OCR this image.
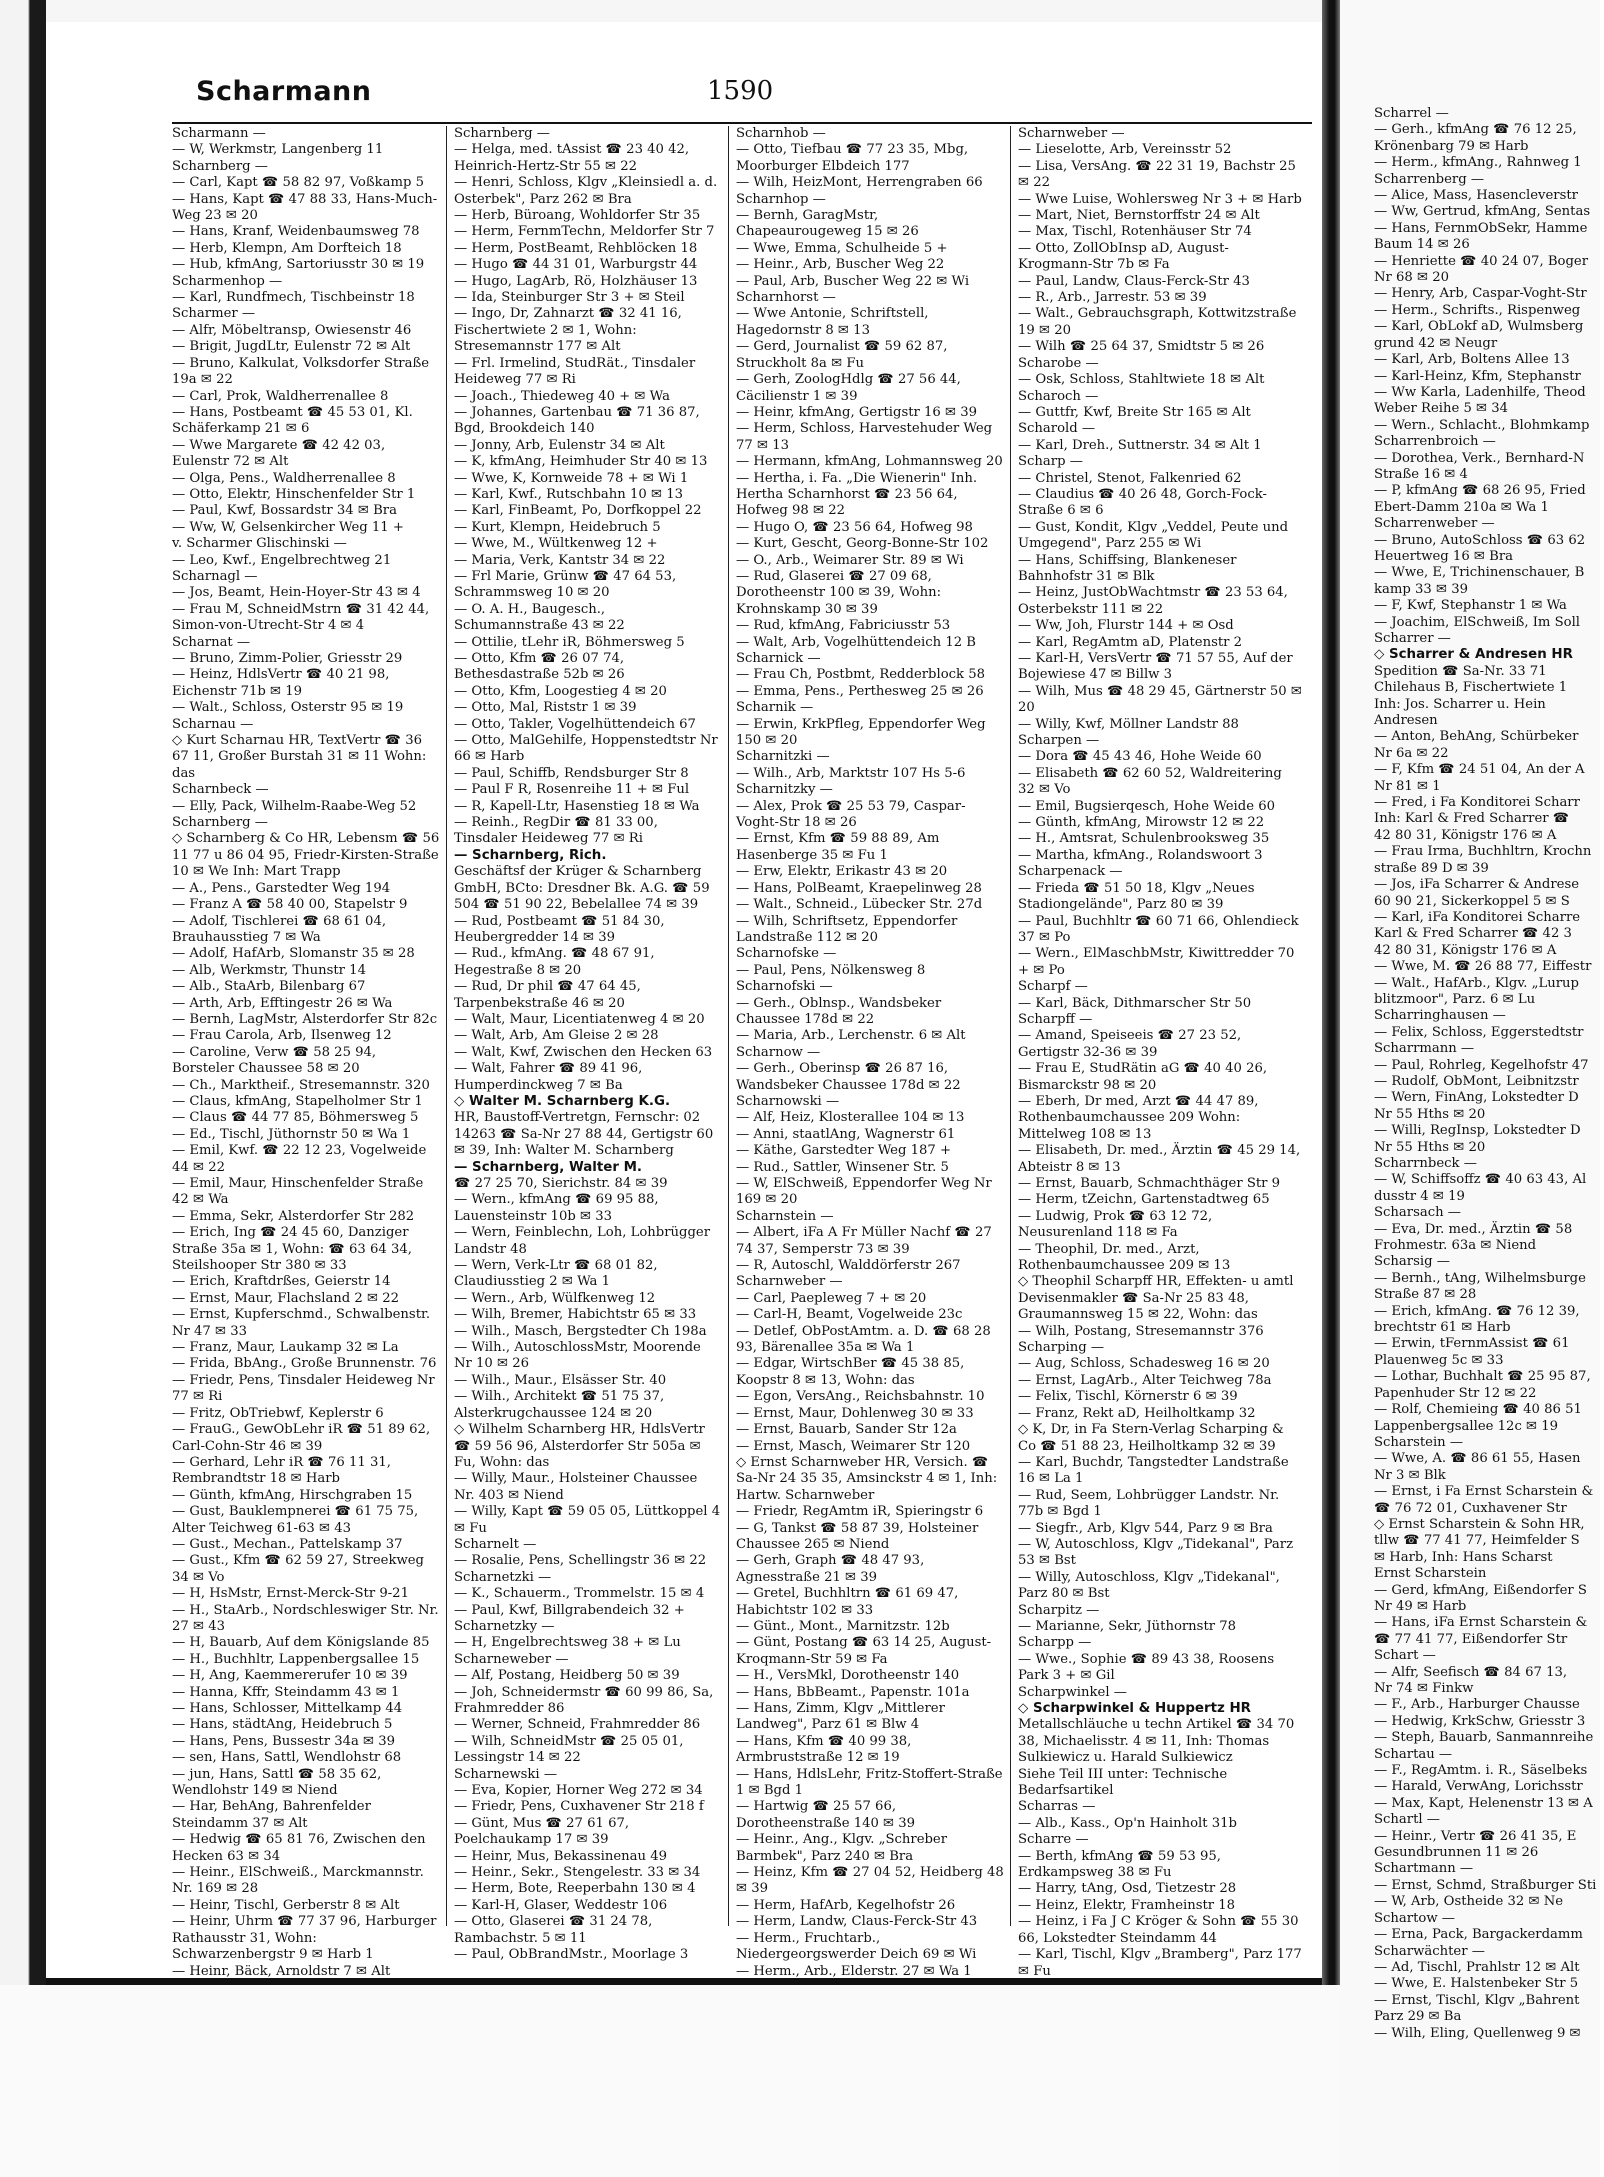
Scharmann	1590

Scharmann —

— W, Werkmstr, Langenberg 11

Scharnberg —

— Carl, Kapt ☎ 58 82 97, Voßkamp 5

— Hans, Kapt ☎ 47 88 33, Hans-Much-Weg 23 ✉ 20

— Hans, Kranf, Weidenbaumsweg 78

— Herb, Klempn, Am Dorfteich 18

— Hub, kfmAng, Sartoriusstr 30 ✉ 19

Scharmenhop —

— Karl, Rundfmech, Tischbeinstr 18

Scharmer —

— Alfr, Möbeltransp, Owiesenstr 46

— Brigit, JugdLtr, Eulenstr 72 ✉ Alt

— Bruno, Kalkulat, Volksdorfer Straße 19a ✉ 22

— Carl, Prok, Waldherrenallee 8

— Hans, Postbeamt ☎ 45 53 01, Kl. Schäferkamp 21 ✉ 6

— Wwe Margarete ☎ 42 42 03, Eulenstr 72 ✉ Alt

— Olga, Pens., Waldherrenallee 8

— Otto, Elektr, Hinschenfelder Str 1

— Paul, Kwf, Bossardstr 34 ✉ Bra

— Ww, W, Gelsenkircher Weg 11 +

v. Scharmer Glischinski —

— Leo, Kwf., Engelbrechtweg 21

Scharnagl —

— Jos, Beamt, Hein-Hoyer-Str 43 ✉ 4

— Frau M, SchneidMstrn ☎ 31 42 44, Simon-von-Utrecht-Str 4 ✉ 4

Scharnat —

— Bruno, Zimm-Polier, Griesstr 29

— Heinz, HdlsVertr ☎ 40 21 98, Eichenstr 71b ✉ 19

— Walt., Schloss, Osterstr 95 ✉ 19

Scharnau —

◇ Kurt Scharnau HR, TextVertr ☎ 36 67 11, Großer Burstah 31 ✉ 11 Wohn: das

Scharnbeck —

— Elly, Pack, Wilhelm-Raabe-Weg 52

Scharnberg —

◇ Scharnberg & Co HR, Lebensm ☎ 56 11 77 u 86 04 95, Friedr-Kirsten-Straße 10 ✉ We Inh: Mart Trapp

— A., Pens., Garstedter Weg 194

— Franz A ☎ 58 40 00, Stapelstr 9

— Adolf, Tischlerei ☎ 68 61 04, Brauhausstieg 7 ✉ Wa

— Adolf, HafArb, Slomanstr 35 ✉ 28

— Alb, Werkmstr, Thunstr 14

— Alb., StaArb, Bilenbarg 67

— Arth, Arb, Efftingestr 26 ✉ Wa

— Bernh, LagMstr, Alsterdorfer Str 82c

— Frau Carola, Arb, Ilsenweg 12

— Caroline, Verw ☎ 58 25 94, Borsteler Chaussee 58 ✉ 20

— Ch., Marktheif., Stresemannstr. 320

— Claus, kfmAng, Stapelholmer Str 1

— Claus ☎ 44 77 85, Böhmersweg 5

— Ed., Tischl, Jüthornstr 50 ✉ Wa 1

— Emil, Kwf. ☎ 22 12 23, Vogelweide 44 ✉ 22

— Emil, Maur, Hinschenfelder Straße 42 ✉ Wa

— Emma, Sekr, Alsterdorfer Str 282

— Erich, Ing ☎ 24 45 60, Danziger Straße 35a ✉ 1, Wohn: ☎ 63 64 34, Steilshooper Str 380 ✉ 33

— Erich, Kraftdrßes, Geierstr 14

— Ernst, Maur, Flachsland 2 ✉ 22

— Ernst, Kupferschmd., Schwalbenstr. Nr 47 ✉ 33

— Franz, Maur, Laukamp 32 ✉ La

— Frida, BbAng., Große Brunnenstr. 76

— Friedr, Pens, Tinsdaler Heideweg Nr 77 ✉ Ri

— Fritz, ObTriebwf, Keplerstr 6

— FrauG., GewObLehr iR ☎ 51 89 62, Carl-Cohn-Str 46 ✉ 39

— Gerhard, Lehr iR ☎ 76 11 31, Rembrandtstr 18 ✉ Harb

— Günth, kfmAng, Hirschgraben 15

— Gust, Bauklempnerei ☎ 61 75 75, Alter Teichweg 61-63 ✉ 43

— Gust., Mechan., Pattelskamp 37

— Gust., Kfm ☎ 62 59 27, Streekweg 34 ✉ Vo

— H, HsMstr, Ernst-Merck-Str 9-21

— H., StaArb., Nordschleswiger Str. Nr. 27 ✉ 43

— H, Bauarb, Auf dem Königslande 85

— H., Buchhltr, Lappenbergsallee 15

— H, Ang, Kaemmererufer 10 ✉ 39

— Hanna, Kffr, Steindamm 43 ✉ 1

— Hans, Schlosser, Mittelkamp 44

— Hans, städtAng, Heidebruch 5

— Hans, Pens, Bussestr 34a ✉ 39

— sen, Hans, Sattl, Wendlohstr 68

— jun, Hans, Sattl ☎ 58 35 62, Wendlohstr 149 ✉ Niend

— Har, BehAng, Bahrenfelder Steindamm 37 ✉ Alt

— Hedwig ☎ 65 81 76, Zwischen den Hecken 63 ✉ 34

— Heinr., ElSchweiß., Marckmannstr. Nr. 169 ✉ 28

— Heinr, Tischl, Gerberstr 8 ✉ Alt

— Heinr, Uhrm ☎ 77 37 96, Harburger Rathausstr 31, Wohn: Schwarzenbergstr 9 ✉ Harb 1

— Heinr, Bäck, Arnoldstr 7 ✉ Alt

Scharnberg —

— Helga, med. tAssist ☎ 23 40 42, Heinrich-Hertz-Str 55 ✉ 22

— Henri, Schloss, Klgv „Kleinsiedl a. d. Osterbek", Parz 262 ✉ Bra

— Herb, Büroang, Wohldorfer Str 35

— Herm, FernmTechn, Meldorfer Str 7

— Herm, PostBeamt, Rehblöcken 18

— Hugo ☎ 44 31 01, Warburgstr 44

— Hugo, LagArb, Rö, Holzhäuser 13

— Ida, Steinburger Str 3 + ✉ Steil

— Ingo, Dr, Zahnarzt ☎ 32 41 16, Fischertwiete 2 ✉ 1, Wohn: Stresemannstr 177 ✉ Alt

— Frl. Irmelind, StudRät., Tinsdaler Heideweg 77 ✉ Ri

— Joach., Thiedeweg 40 + ✉ Wa

— Johannes, Gartenbau ☎ 71 36 87, Bgd, Brookdeich 140

— Jonny, Arb, Eulenstr 34 ✉ Alt

— K, kfmAng, Heimhuder Str 40 ✉ 13

— Wwe, K, Kornweide 78 + ✉ Wi 1

— Karl, Kwf., Rutschbahn 10 ✉ 13

— Karl, FinBeamt, Po, Dorfkoppel 22

— Kurt, Klempn, Heidebruch 5

— Wwe, M., Wültkenweg 12 +

— Maria, Verk, Kantstr 34 ✉ 22

— Frl Marie, Grünw ☎ 47 64 53, Schrammsweg 10 ✉ 20

— O. A. H., Baugesch., Schumannstraße 43 ✉ 22

— Ottilie, tLehr iR, Böhmersweg 5

— Otto, Kfm ☎ 26 07 74, Bethesdastraße 52b ✉ 26

— Otto, Kfm, Loogestieg 4 ✉ 20

— Otto, Mal, Riststr 1 ✉ 39

— Otto, Takler, Vogelhüttendeich 67

— Otto, MalGehilfe, Hoppenstedtstr Nr 66 ✉ Harb

— Paul, Schiffb, Rendsburger Str 8

— Paul F R, Rosenreihe 11 + ✉ Ful

— R, Kapell-Ltr, Hasenstieg 18 ✉ Wa

— Reinh., RegDir ☎ 81 33 00, Tinsdaler Heideweg 77 ✉ Ri

— Scharnberg, Rich.

Geschäftsf der Krüger & Scharnberg GmbH, BCto: Dresdner Bk. A.G. ☎ 59 504 ☎ 51 90 22, Bebelallee 74 ✉ 39

— Rud, Postbeamt ☎ 51 84 30, Heubergredder 14 ✉ 39

— Rud., kfmAng. ☎ 48 67 91, Hegestraße 8 ✉ 20

— Rud, Dr phil ☎ 47 64 45, Tarpenbekstraße 46 ✉ 20

— Walt, Maur, Licentiatenweg 4 ✉ 20

— Walt, Arb, Am Gleise 2 ✉ 28

— Walt, Kwf, Zwischen den Hecken 63

— Walt, Fahrer ☎ 89 41 96, Humperdinckweg 7 ✉ Ba

◇ Walter M. Scharnberg K.G.

HR, Baustoff-Vertretgn, Fernschr: 02 14263 ☎ Sa-Nr 27 88 44, Gertigstr 60 ✉ 39, Inh: Walter M. Scharnberg

— Scharnberg, Walter M.

☎ 27 25 70, Sierichstr. 84 ✉ 39

— Wern., kfmAng ☎ 69 95 88, Lauensteinstr 10b ✉ 33

— Wern, Feinblechn, Loh, Lohbrügger Landstr 48

— Wern, Verk-Ltr ☎ 68 01 82, Claudiusstieg 2 ✉ Wa 1

— Wern., Arb, Wülfkenweg 12

— Wilh, Bremer, Habichtstr 65 ✉ 33

— Wilh., Masch, Bergstedter Ch 198a

— Wilh., AutoschlossMstr, Moorende Nr 10 ✉ 26

— Wilh., Maur., Elsässer Str. 40

— Wilh., Architekt ☎ 51 75 37, Alsterkrugchaussee 124 ✉ 20

◇ Wilhelm Scharnberg HR, HdlsVertr ☎ 59 56 96, Alsterdorfer Str 505a ✉ Fu, Wohn: das

— Willy, Maur., Holsteiner Chaussee Nr. 403 ✉ Niend

— Willy, Kapt ☎ 59 05 05, Lüttkoppel 4 ✉ Fu

Scharnelt —

— Rosalie, Pens, Schellingstr 36 ✉ 22

Scharnetzki —

— K., Schauerm., Trommelstr. 15 ✉ 4

— Paul, Kwf, Billgrabendeich 32 +

Scharnetzky —

— H, Engelbrechtsweg 38 + ✉ Lu

Scharneweber —

— Alf, Postang, Heidberg 50 ✉ 39

— Joh, Schneidermstr ☎ 60 99 86, Sa, Frahmredder 86

— Werner, Schneid, Frahmredder 86

— Wilh, SchneidMstr ☎ 25 05 01, Lessingstr 14 ✉ 22

Scharnewski —

— Eva, Kopier, Horner Weg 272 ✉ 34

— Friedr, Pens, Cuxhavener Str 218 f

— Günt, Mus ☎ 27 61 67, Poelchaukamp 17 ✉ 39

— Heinr, Mus, Bekassinenau 49

— Heinr., Sekr., Stengelestr. 33 ✉ 34

— Herm, Bote, Reeperbahn 130 ✉ 4

— Karl-H, Glaser, Weddestr 106

— Otto, Glaserei ☎ 31 24 78, Rambachstr. 5 ✉ 11

— Paul, ObBrandMstr., Moorlage 3

Scharnhob —

— Otto, Tiefbau ☎ 77 23 35, Mbg, Moorburger Elbdeich 177

— Wilh, HeizMont, Herrengraben 66

Scharnhop —

— Bernh, GaragMstr, Chapeaurougeweg 15 ✉ 26

— Wwe, Emma, Schulheide 5 +

— Heinr., Arb, Buscher Weg 22

— Paul, Arb, Buscher Weg 22 ✉ Wi

Scharnhorst —

— Wwe Antonie, Schriftstell, Hagedornstr 8 ✉ 13

— Gerd, Journalist ☎ 59 62 87, Struckholt 8a ✉ Fu

— Gerh, ZoologHdlg ☎ 27 56 44, Cäcilienstr 1 ✉ 39

— Heinr, kfmAng, Gertigstr 16 ✉ 39

— Herm, Schloss, Harvestehuder Weg 77 ✉ 13

— Hermann, kfmAng, Lohmannsweg 20

— Hertha, i. Fa. „Die Wienerin" Inh. Hertha Scharnhorst ☎ 23 56 64, Hofweg 98 ✉ 22

— Hugo O, ☎ 23 56 64, Hofweg 98

— Kurt, Gescht, Georg-Bonne-Str 102

— O., Arb., Weimarer Str. 89 ✉ Wi

— Rud, Glaserei ☎ 27 09 68, Dorotheenstr 100 ✉ 39, Wohn: Krohnskamp 30 ✉ 39

— Rud, kfmAng, Fabriciusstr 53

— Walt, Arb, Vogelhüttendeich 12 B

Scharnick —

— Frau Ch, Postbmt, Redderblock 58

— Emma, Pens., Perthesweg 25 ✉ 26

Scharnik —

— Erwin, KrkPfleg, Eppendorfer Weg 150 ✉ 20

Scharnitzki —

— Wilh., Arb, Marktstr 107 Hs 5-6

Scharnitzky —

— Alex, Prok ☎ 25 53 79, Caspar-Voght-Str 18 ✉ 26

— Ernst, Kfm ☎ 59 88 89, Am Hasenberge 35 ✉ Fu 1

— Erw, Elektr, Erikastr 43 ✉ 20

— Hans, PolBeamt, Kraepelinweg 28

— Walt., Schneid., Lübecker Str. 27d

— Wilh, Schriftsetz, Eppendorfer Landstraße 112 ✉ 20

Scharnofske —

— Paul, Pens, Nölkensweg 8

Scharnofski —

— Gerh., Oblnsp., Wandsbeker Chaussee 178d ✉ 22

— Maria, Arb., Lerchenstr. 6 ✉ Alt

Scharnow —

— Gerh., Oberinsp ☎ 26 87 16, Wandsbeker Chaussee 178d ✉ 22

Scharnowski —

— Alf, Heiz, Klosterallee 104 ✉ 13

— Anni, staatlAng, Wagnerstr 61

— Käthe, Garstedter Weg 187 +

— Rud., Sattler, Winsener Str. 5

— W, ElSchweiß, Eppendorfer Weg Nr 169 ✉ 20

Scharnstein —

— Albert, iFa A Fr Müller Nachf ☎ 27 74 37, Semperstr 73 ✉ 39

— R, Autoschl, Walddörferstr 267

Scharnweber —

— Carl, Paepleweg 7 + ✉ 20

— Carl-H, Beamt, Vogelweide 23c

— Detlef, ObPostAmtm. a. D. ☎ 68 28 93, Bärenallee 35a ✉ Wa 1

— Edgar, WirtschBer ☎ 45 38 85, Koopstr 8 ✉ 13, Wohn: das

— Egon, VersAng., Reichsbahnstr. 10

— Ernst, Maur, Dohlenweg 30 ✉ 33

— Ernst, Bauarb, Sander Str 12a

— Ernst, Masch, Weimarer Str 120

◇ Ernst Scharnweber HR, Versich. ☎ Sa-Nr 24 35 35, Amsinckstr 4 ✉ 1, Inh: Hartw. Scharnweber

— Friedr, RegAmtm iR, Spieringstr 6

— G, Tankst ☎ 58 87 39, Holsteiner Chaussee 265 ✉ Niend

— Gerh, Graph ☎ 48 47 93, Agnesstraße 21 ✉ 39

— Gretel, Buchhltrn ☎ 61 69 47, Habichtstr 102 ✉ 33

— Günt., Mont., Marnitzstr. 12b

— Günt, Postang ☎ 63 14 25, August-Kroqmann-Str 59 ✉ Fa

— H., VersMkl, Dorotheenstr 140

— Hans, BbBeamt., Papenstr. 101a

— Hans, Zimm, Klgv „Mittlerer Landweg", Parz 61 ✉ Blw 4

— Hans, Kfm ☎ 40 99 38, Armbruststraße 12 ✉ 19

— Hans, HdlsLehr, Fritz-Stoffert-Straße 1 ✉ Bgd 1

— Hartwig ☎ 25 57 66, Dorotheenstraße 140 ✉ 39

— Heinr., Ang., Klgv. „Schreber Barmbek", Parz 240 ✉ Bra

— Heinz, Kfm ☎ 27 04 52, Heidberg 48 ✉ 39

— Herm, HafArb, Kegelhofstr 26

— Herm, Landw, Claus-Ferck-Str 43

— Herm., Fruchtarb., Niedergeorgswerder Deich 69 ✉ Wi

— Herm., Arb., Elderstr. 27 ✉ Wa 1

Scharnweber —

— Lieselotte, Arb, Vereinsstr 52

— Lisa, VersAng. ☎ 22 31 19, Bachstr 25 ✉ 22

— Wwe Luise, Wohlersweg Nr 3 + ✉ Harb

— Mart, Niet, Bernstorffstr 24 ✉ Alt

— Max, Tischl, Rotenhäuser Str 74

— Otto, ZollObInsp aD, August-Krogmann-Str 7b ✉ Fa

— Paul, Landw, Claus-Ferck-Str 43

— R., Arb., Jarrestr. 53 ✉ 39

— Walt., Gebrauchsgraph, Kottwitzstraße 19 ✉ 20

— Wilh ☎ 25 64 37, Smidtstr 5 ✉ 26

Scharobe —

— Osk, Schloss, Stahltwiete 18 ✉ Alt

Scharoch —

— Guttfr, Kwf, Breite Str 165 ✉ Alt

Scharold —

— Karl, Dreh., Suttnerstr. 34 ✉ Alt 1

Scharp —

— Christel, Stenot, Falkenried 62

— Claudius ☎ 40 26 48, Gorch-Fock-Straße 6 ✉ 6

— Gust, Kondit, Klgv „Veddel, Peute und Umgegend", Parz 255 ✉ Wi

— Hans, Schiffsing, Blankeneser Bahnhofstr 31 ✉ Blk

— Heinz, JustObWachtmstr ☎ 23 53 64, Osterbekstr 111 ✉ 22

— Ww, Joh, Flurstr 144 + ✉ Osd

— Karl, RegAmtm aD, Platenstr 2

— Karl-H, VersVertr ☎ 71 57 55, Auf der Bojewiese 47 ✉ Billw 3

— Wilh, Mus ☎ 48 29 45, Gärtnerstr 50 ✉ 20

— Willy, Kwf, Möllner Landstr 88

Scharpen —

— Dora ☎ 45 43 46, Hohe Weide 60

— Elisabeth ☎ 62 60 52, Waldreitering 32 ✉ Vo

— Emil, Bugsierqesch, Hohe Weide 60

— Günth, kfmAng, Mirowstr 12 ✉ 22

— H., Amtsrat, Schulenbrooksweg 35

— Martha, kfmAng., Rolandswoort 3

Scharpenack —

— Frieda ☎ 51 50 18, Klgv „Neues Stadiongelände", Parz 80 ✉ 39

— Paul, Buchhltr ☎ 60 71 66, Ohlendieck 37 ✉ Po

— Wern., ElMaschbMstr, Kiwittredder 70 + ✉ Po

Scharpf —

— Karl, Bäck, Dithmarscher Str 50

Scharpff —

— Amand, Speiseeis ☎ 27 23 52, Gertigstr 32-36 ✉ 39

— Frau E, StudRätin aG ☎ 40 40 26, Bismarckstr 98 ✉ 20

— Eberh, Dr med, Arzt ☎ 44 47 89, Rothenbaumchaussee 209 Wohn: Mittelweg 108 ✉ 13

— Elisabeth, Dr. med., Ärztin ☎ 45 29 14, Abteistr 8 ✉ 13

— Ernst, Bauarb, Schmachthäger Str 9

— Herm, tZeichn, Gartenstadtweg 65

— Ludwig, Prok ☎ 63 12 72, Neusurenland 118 ✉ Fa

— Theophil, Dr. med., Arzt, Rothenbaumchaussee 209 ✉ 13

◇ Theophil Scharpff HR, Effekten- u amtl Devisenmakler ☎ Sa-Nr 25 83 48, Graumannsweg 15 ✉ 22, Wohn: das

— Wilh, Postang, Stresemannstr 376

Scharping —

— Aug, Schloss, Schadesweg 16 ✉ 20

— Ernst, LagArb., Alter Teichweg 78a

— Felix, Tischl, Körnerstr 6 ✉ 39

— Franz, Rekt aD, Heilholtkamp 32

◇ K, Dr, in Fa Stern-Verlag Scharping & Co ☎ 51 88 23, Heilholtkamp 32 ✉ 39

— Karl, Buchdr, Tangstedter Landstraße 16 ✉ La 1

— Rud, Seem, Lohbrügger Landstr. Nr. 77b ✉ Bgd 1

— Siegfr., Arb, Klgv 544, Parz 9 ✉ Bra

— W, Autoschloss, Klgv „Tidekanal", Parz 53 ✉ Bst

— Willy, Autoschloss, Klgv „Tidekanal", Parz 80 ✉ Bst

Scharpitz —

— Marianne, Sekr, Jüthornstr 78

Scharpp —

— Wwe., Sophie ☎ 89 43 38, Roosens Park 3 + ✉ Gil

Scharpwinkel —

◇ Scharpwinkel & Huppertz HR

Metallschläuche u techn Artikel ☎ 34 70 38, Michaelisstr. 4 ✉ 11, Inh: Thomas Sulkiewicz u. Harald Sulkiewicz

Siehe Teil III unter: Technische Bedarfsartikel

Scharras —

— Alb., Kass., Op'n Hainholt 31b

Scharre —

— Berth, kfmAng ☎ 59 53 95, Erdkampsweg 38 ✉ Fu

— Harry, tAng, Osd, Tietzestr 28

— Heinz, Elektr, Framheinstr 18

— Heinz, i Fa J C Kröger & Sohn ☎ 55 30 66, Lokstedter Steindamm 44

— Karl, Tischl, Klgv „Bramberg", Parz 177 ✉ Fu

Scharrel —

— Gerh., kfmAng ☎ 76 12 25,

Krönenbarg 79 ✉ Harb

— Herm., kfmAng., Rahnweg 1

Scharrenberg —

— Alice, Mass, Hasencleverstr

— Ww, Gertrud, kfmAng, Sentas

— Hans, FernmObSekr, Hamme

Baum 14 ✉ 26

— Henriette ☎ 40 24 07, Boger

Nr 68 ✉ 20

— Henry, Arb, Caspar-Voght-Str

— Herm., Schrifts., Rispenweg

— Karl, ObLokf aD, Wulmsberg

grund 42 ✉ Neugr

— Karl, Arb, Boltens Allee 13

— Karl-Heinz, Kfm, Stephanstr

— Ww Karla, Ladenhilfe, Theod

Weber Reihe 5 ✉ 34

— Wern., Schlacht., Blohmkamp

Scharrenbroich —

— Dorothea, Verk., Bernhard-N

Straße 16 ✉ 4

— P, kfmAng ☎ 68 26 95, Fried

Ebert-Damm 210a ✉ Wa 1

Scharrenweber —

— Bruno, AutoSchloss ☎ 63 62

Heuertweg 16 ✉ Bra

— Wwe, E, Trichinenschauer, B

kamp 33 ✉ 39

— F, Kwf, Stephanstr 1 ✉ Wa

— Joachim, ElSchweiß, Im Soll

Scharrer —

◇ Scharrer & Andresen HR

Spedition ☎ Sa-Nr. 33 71

Chilehaus B, Fischertwiete 1

Inh: Jos. Scharrer u. Hein

Andresen

— Anton, BehAng, Schürbeker

Nr 6a ✉ 22

— F, Kfm ☎ 24 51 04, An der A

Nr 81 ✉ 1

— Fred, i Fa Konditorei Scharr

Inh: Karl & Fred Scharrer ☎

42 80 31, Königstr 176 ✉ A

— Frau Irma, Buchhltrn, Krochn

straße 89 D ✉ 39

— Jos, iFa Scharrer & Andrese

60 90 21, Sickerkoppel 5 ✉ S

— Karl, iFa Konditorei Scharre

Karl & Fred Scharrer ☎ 42 3

42 80 31, Königstr 176 ✉ A

— Wwe, M. ☎ 26 88 77, Eiffestr

— Walt., HafArb., Klgv. „Lurup

blitzmoor", Parz. 6 ✉ Lu

Scharringhausen —

— Felix, Schloss, Eggerstedtstr

Scharrmann —

— Paul, Rohrleg, Kegelhofstr 47

— Rudolf, ObMont, Leibnitzstr

— Wern, FinAng, Lokstedter D

Nr 55 Hths ✉ 20

— Willi, RegInsp, Lokstedter D

Nr 55 Hths ✉ 20

Scharrnbeck —

— W, Schiffsoffz ☎ 40 63 43, Al

dusstr 4 ✉ 19

Scharsach —

— Eva, Dr. med., Ärztin ☎ 58

Frohmestr. 63a ✉ Niend

Scharsig —

— Bernh., tAng, Wilhelmsburge

Straße 87 ✉ 28

— Erich, kfmAng. ☎ 76 12 39,

brechtstr 61 ✉ Harb

— Erwin, tFernmAssist ☎ 61

Plauenweg 5c ✉ 33

— Lothar, Buchhalt ☎ 25 95 87,

Papenhuder Str 12 ✉ 22

— Rolf, Chemieing ☎ 40 86 51

Lappenbergsallee 12c ✉ 19

Scharstein —

— Wwe, A. ☎ 86 61 55, Hasen

Nr 3 ✉ Blk

— Ernst, i Fa Ernst Scharstein &

☎ 76 72 01, Cuxhavener Str

◇ Ernst Scharstein & Sohn HR,

tllw ☎ 77 41 77, Heimfelder S

✉ Harb, Inh: Hans Scharst

Ernst Scharstein

— Gerd, kfmAng, Eißendorfer S

Nr 49 ✉ Harb

— Hans, iFa Ernst Scharstein &

☎ 77 41 77, Eißendorfer Str

Schart —

— Alfr, Seefisch ☎ 84 67 13,

Nr 74 ✉ Finkw

— F., Arb., Harburger Chausse

— Hedwig, KrkSchw, Griesstr 3

— Steph, Bauarb, Sanmannreihe

Schartau —

— F., RegAmtm. i. R., Säselbeks

— Harald, VerwAng, Lorichsstr

— Max, Kapt, Helenenstr 13 ✉ A

Schartl —

— Heinr., Vertr ☎ 26 41 35, E

Gesundbrunnen 11 ✉ 26

Schartmann —

— Ernst, Schmd, Straßburger Sti

— W, Arb, Ostheide 32 ✉ Ne

Schartow —

— Erna, Pack, Bargackerdamm

Scharwächter —

— Ad, Tischl, Prahlstr 12 ✉ Alt

— Wwe, E. Halstenbeker Str 5

— Ernst, Tischl, Klgv „Bahrent

Parz 29 ✉ Ba

— Wilh, Eling, Quellenweg 9 ✉
